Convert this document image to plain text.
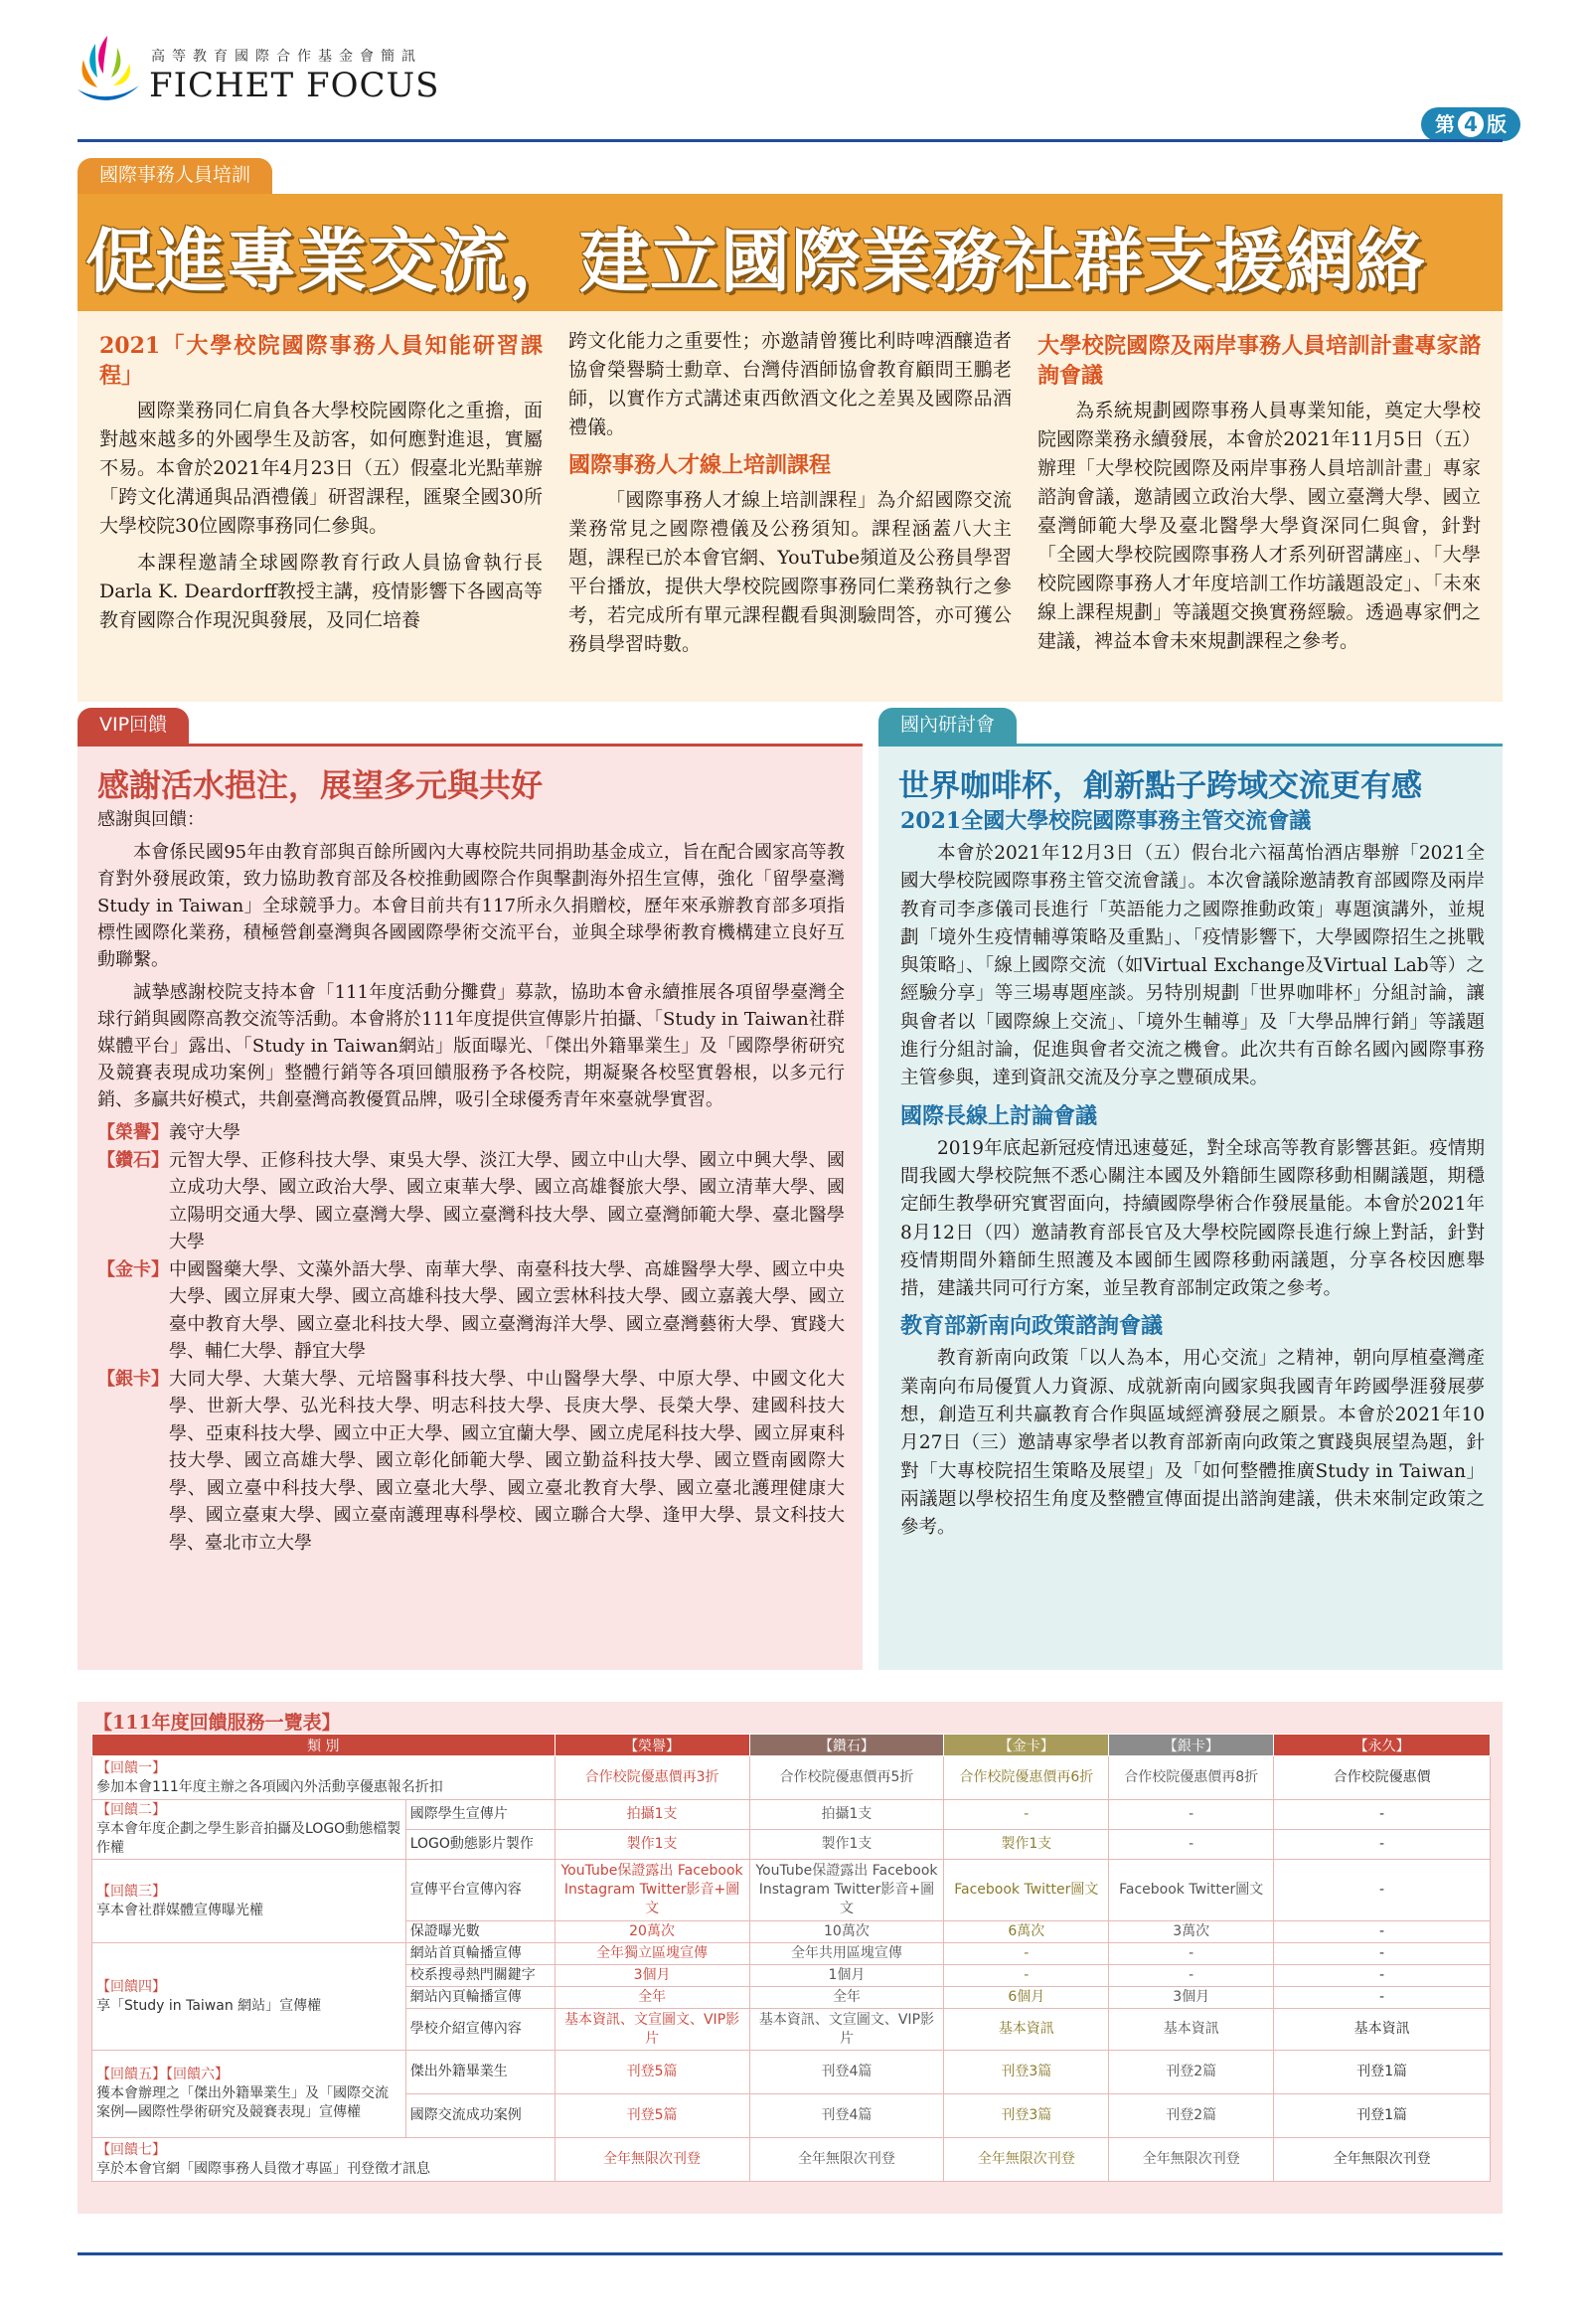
高等教育國際合作基金會簡訊
FICHET FOCUS
第 4 版
國際事務人員培訓
促進專業交流，建立國際業務社群支援網絡
2021「大學校院國際事務人員知能研習課程」

國際業務同仁肩負各大學校院國際化之重擔，面對越來越多的外國學生及訪客，如何應對進退，實屬不易。本會於2021年4月23日（五）假臺北光點華辦「跨文化溝通與品酒禮儀」研習課程，匯聚全國30所大學校院30位國際事務同仁參與。

本課程邀請全球國際教育行政人員協會執行長Darla K. Deardorff教授主講，疫情影響下各國高等教育國際合作現況與發展，及同仁培養

跨文化能力之重要性；亦邀請曾獲比利時啤酒釀造者協會榮譽騎士勳章、台灣侍酒師協會教育顧問王鵬老師，以實作方式講述東西飲酒文化之差異及國際品酒禮儀。

國際事務人才線上培訓課程

「國際事務人才線上培訓課程」為介紹國際交流業務常見之國際禮儀及公務須知。課程涵蓋八大主題，課程已於本會官網、YouTube頻道及公務員學習平台播放，提供大學校院國際事務同仁業務執行之參考，若完成所有單元課程觀看與測驗問答，亦可獲公務員學習時數。

大學校院國際及兩岸事務人員培訓計畫專家諮詢會議

為系統規劃國際事務人員專業知能，奠定大學校院國際業務永續發展，本會於2021年11月5日（五）辦理「大學校院國際及兩岸事務人員培訓計畫」專家諮詢會議，邀請國立政治大學、國立臺灣大學、國立臺灣師範大學及臺北醫學大學資深同仁與會，針對「全國大學校院國際事務人才系列研習講座」、「大學校院國際事務人才年度培訓工作坊議題設定」、「未來線上課程規劃」等議題交換實務經驗。透過專家們之建議，裨益本會未來規劃課程之參考。

VIP回饋
感謝活水挹注，展望多元與共好

感謝與回饋：

本會係民國95年由教育部與百餘所國內大專校院共同捐助基金成立，旨在配合國家高等教育對外發展政策，致力協助教育部及各校推動國際合作與擊劃海外招生宣傳，強化「留學臺灣Study in Taiwan」全球競爭力。本會目前共有117所永久捐贈校，歷年來承辦教育部多項指標性國際化業務，積極營創臺灣與各國國際學術交流平台，並與全球學術教育機構建立良好互動聯繫。

誠摯感謝校院支持本會「111年度活動分攤費」募款，協助本會永續推展各項留學臺灣全球行銷與國際高教交流等活動。本會將於111年度提供宣傳影片拍攝、「Study in Taiwan社群媒體平台」露出、「Study in Taiwan網站」版面曝光、「傑出外籍畢業生」及「國際學術研究及競賽表現成功案例」整體行銷等各項回饋服務予各校院，期凝聚各校堅實磐根，以多元行銷、多贏共好模式，共創臺灣高教優質品牌，吸引全球優秀青年來臺就學實習。

【榮譽】 義守大學
【鑽石】 元智大學、正修科技大學、東吳大學、淡江大學、國立中山大學、國立中興大學、國立成功大學、國立政治大學、國立東華大學、國立高雄餐旅大學、國立清華大學、國立陽明交通大學、國立臺灣大學、國立臺灣科技大學、國立臺灣師範大學、臺北醫學大學
【金卡】 中國醫藥大學、文藻外語大學、南華大學、南臺科技大學、高雄醫學大學、國立中央大學、國立屏東大學、國立高雄科技大學、國立雲林科技大學、國立嘉義大學、國立臺中教育大學、國立臺北科技大學、國立臺灣海洋大學、國立臺灣藝術大學、實踐大學、輔仁大學、靜宜大學
【銀卡】 大同大學、大葉大學、元培醫事科技大學、中山醫學大學、中原大學、中國文化大學、世新大學、弘光科技大學、明志科技大學、長庚大學、長榮大學、建國科技大學、亞東科技大學、國立中正大學、國立宜蘭大學、國立虎尾科技大學、國立屏東科技大學、國立高雄大學、國立彰化師範大學、國立勤益科技大學、國立暨南國際大學、國立臺中科技大學、國立臺北大學、國立臺北教育大學、國立臺北護理健康大學、國立臺東大學、國立臺南護理專科學校、國立聯合大學、逢甲大學、景文科技大學、臺北市立大學
國內研討會
世界咖啡杯，創新點子跨域交流更有感
2021全國大學校院國際事務主管交流會議

本會於2021年12月3日（五）假台北六福萬怡酒店舉辦「2021全國大學校院國際事務主管交流會議」。本次會議除邀請教育部國際及兩岸教育司李彥儀司長進行「英語能力之國際推動政策」專題演講外，並規劃「境外生疫情輔導策略及重點」、「疫情影響下，大學國際招生之挑戰與策略」、「線上國際交流（如Virtual Exchange及Virtual Lab等）之經驗分享」等三場專題座談。另特別規劃「世界咖啡杯」分組討論，讓與會者以「國際線上交流」、「境外生輔導」及「大學品牌行銷」等議題進行分組討論，促進與會者交流之機會。此次共有百餘名國內國際事務主管參與，達到資訊交流及分享之豐碩成果。

國際長線上討論會議

2019年底起新冠疫情迅速蔓延，對全球高等教育影響甚鉅。疫情期間我國大學校院無不悉心關注本國及外籍師生國際移動相關議題，期穩定師生教學研究實習面向，持續國際學術合作發展量能。本會於2021年8月12日（四）邀請教育部長官及大學校院國際長進行線上對話，針對疫情期間外籍師生照護及本國師生國際移動兩議題，分享各校因應舉措，建議共同可行方案，並呈教育部制定政策之參考。

教育部新南向政策諮詢會議

教育新南向政策「以人為本，用心交流」之精神，朝向厚植臺灣產業南向布局優質人力資源、成就新南向國家與我國青年跨國學涯發展夢想，創造互利共贏教育合作與區域經濟發展之願景。本會於2021年10月27日（三）邀請專家學者以教育部新南向政策之實踐與展望為題，針對「大專校院招生策略及展望」及「如何整體推廣Study in Taiwan」兩議題以學校招生角度及整體宣傳面提出諮詢建議，供未來制定政策之參考。

【111年度回饋服務一覽表】
類 別		【榮譽】	【鑽石】	【金卡】	【銀卡】	【永久】
【回饋一】
參加本會111年度主辦之各項國內外活動享優惠報名折扣		合作校院優惠價再3折	合作校院優惠價再5折	合作校院優惠價再6折	合作校院優惠價再8折	合作校院優惠價
【回饋二】
享本會年度企劃之學生影音拍攝及LOGO動態檔製作權	國際學生宣傳片	拍攝1支	拍攝1支	-	-	-
	LOGO動態影片製作	製作1支	製作1支	製作1支	-	-
【回饋三】
享本會社群媒體宣傳曝光權	宣傳平台宣傳內容	YouTube保證露出 Facebook Instagram Twitter影音+圖文	YouTube保證露出 Facebook Instagram Twitter影音+圖文	Facebook Twitter圖文	Facebook Twitter圖文	-
	保證曝光數	20萬次	10萬次	6萬次	3萬次	-
【回饋四】
享「Study in Taiwan 網站」宣傳權	網站首頁輪播宣傳	全年獨立區塊宣傳	全年共用區塊宣傳	-	-	-
	校系搜尋熱門關鍵字	3個月	1個月	-	-	-
	網站內頁輪播宣傳	全年	全年	6個月	3個月	-
	學校介紹宣傳內容	基本資訊、文宣圖文、VIP影片	基本資訊、文宣圖文、VIP影片	基本資訊	基本資訊	基本資訊
【回饋五】【回饋六】
獲本會辦理之「傑出外籍畢業生」及「國際交流案例—國際性學術研究及競賽表現」宣傳權	傑出外籍畢業生	刊登5篇	刊登4篇	刊登3篇	刊登2篇	刊登1篇
	國際交流成功案例	刊登5篇	刊登4篇	刊登3篇	刊登2篇	刊登1篇
【回饋七】
享於本會官網「國際事務人員徵才專區」刊登徵才訊息		全年無限次刊登	全年無限次刊登	全年無限次刊登	全年無限次刊登	全年無限次刊登
